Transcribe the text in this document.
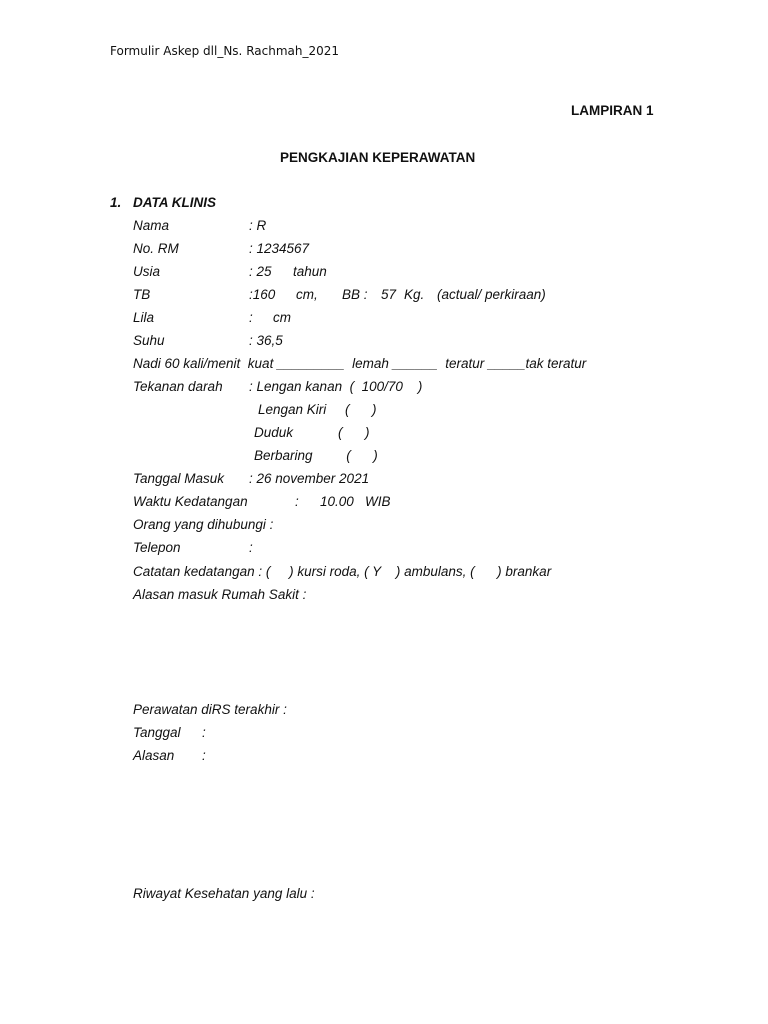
Formulir Askep dll_Ns. Rachmah_2021
LAMPIRAN 1
PENGKAJIAN KEPERAWATAN
1. DATA KLINIS
Nama	: R
No. RM	: 1234567
Usia	: 25 tahun
TB	:160 cm, BB : 57 Kg. (actual/ perkiraan)
Lila	: cm
Suhu	: 36,5
Nadi 60 kali/menit  kuat _________  lemah ______  teratur _____tak teratur
Tekanan darah : Lengan kanan  (  100/70    )
Lengan Kiri     (      )
Duduk            (      )
Berbaring         (      )
Tanggal Masuk : 26 november 2021
Waktu Kedatangan	: 10.00   WIB
Orang yang dihubungi :
Telepon	:
Catatan kedatangan : (     ) kursi roda, ( Y    ) ambulans, (      ) brankar
Alasan masuk Rumah Sakit :
Perawatan diRS terakhir :
Tanggal :
Alasan :
Riwayat Kesehatan yang lalu :
